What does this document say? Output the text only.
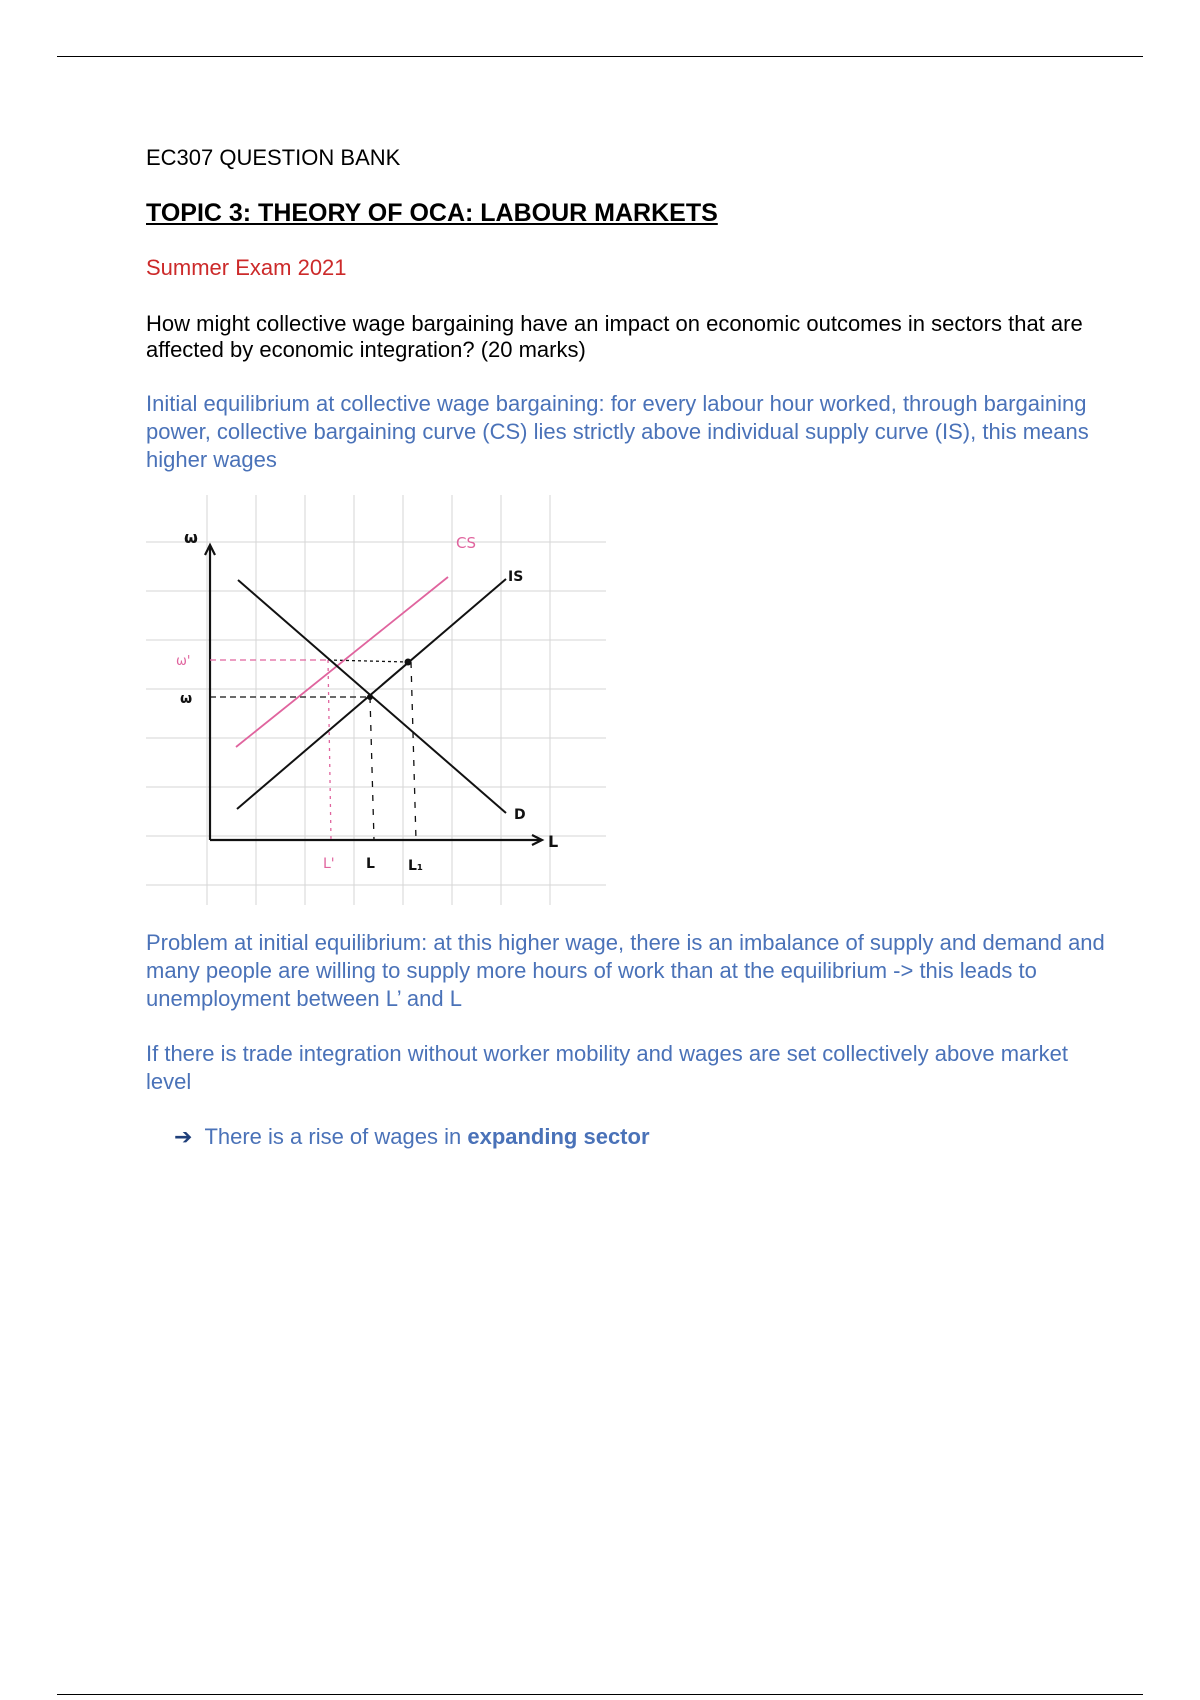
EC307 QUESTION BANK

TOPIC 3: THEORY OF OCA: LABOUR MARKETS

Summer Exam 2021

How might collective wage bargaining have an impact on economic outcomes in sectors that are affected by economic integration? (20 marks)

Initial equilibrium at collective wage bargaining: for every labour hour worked, through bargaining power, collective bargaining curve (CS) lies strictly above individual supply curve (IS), this means higher wages

ω
L
CS
IS
D
ω'
ω
L' L L₁

Problem at initial equilibrium: at this higher wage, there is an imbalance of supply and demand and many people are willing to supply more hours of work than at the equilibrium -> this leads to unemployment between L’ and L

If there is trade integration without worker mobility and wages are set collectively above market level

➔ There is a rise of wages in expanding sector
